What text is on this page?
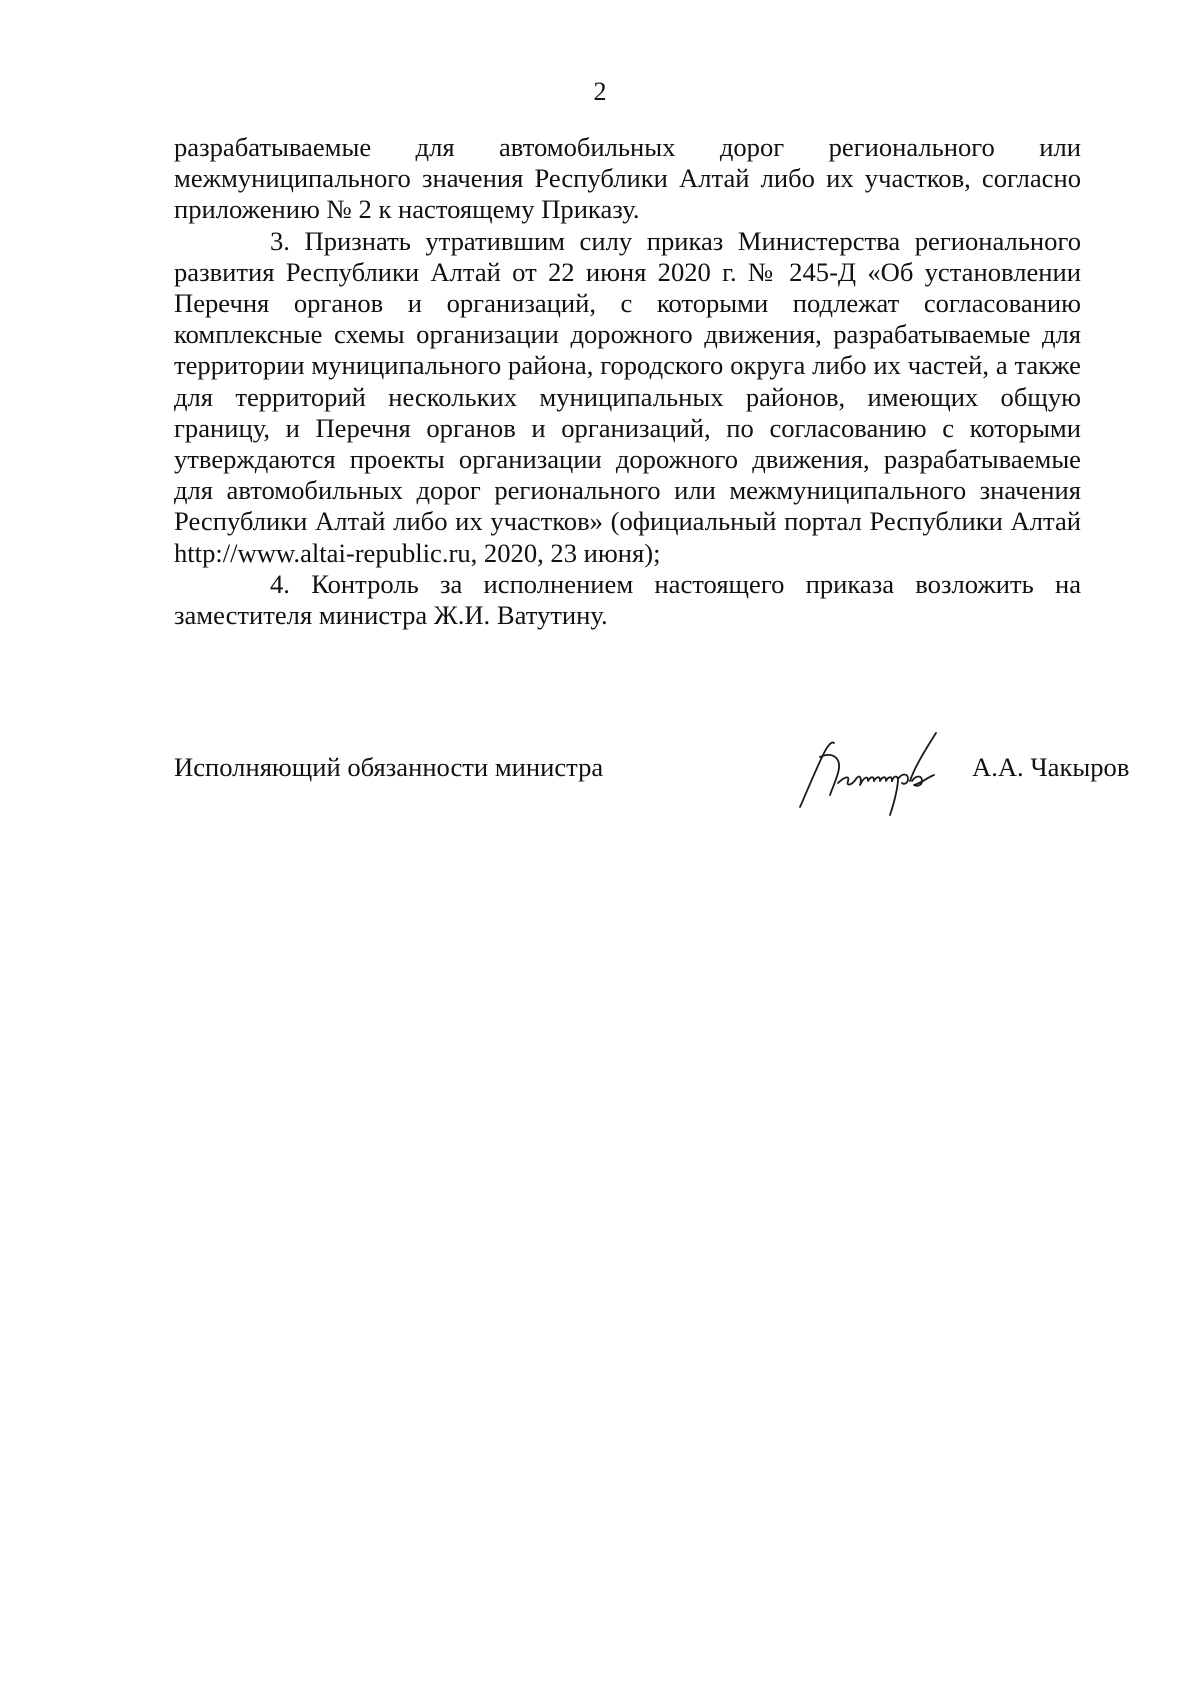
2

разрабатываемые для автомобильных дорог регионального или межмуниципального значения Республики Алтай либо их участков, согласно приложению № 2 к настоящему Приказу.

3. Признать утратившим силу приказ Министерства регионального развития Республики Алтай от 22 июня 2020 г. № 245-Д «Об установлении Перечня органов и организаций, с которыми подлежат согласованию комплексные схемы организации дорожного движения, разрабатываемые для территории муниципального района, городского округа либо их частей, а также для территорий нескольких муниципальных районов, имеющих общую границу, и Перечня органов и организаций, по согласованию с которыми утверждаются проекты организации дорожного движения, разрабатываемые для автомобильных дорог регионального или межмуниципального значения Республики Алтай либо их участков» (официальный портал Республики Алтай http://www.altai-republic.ru, 2020, 23 июня);

4. Контроль за исполнением настоящего приказа возложить на заместителя министра Ж.И. Ватутину.

Исполняющий обязанности министра	А.А. Чакыров
